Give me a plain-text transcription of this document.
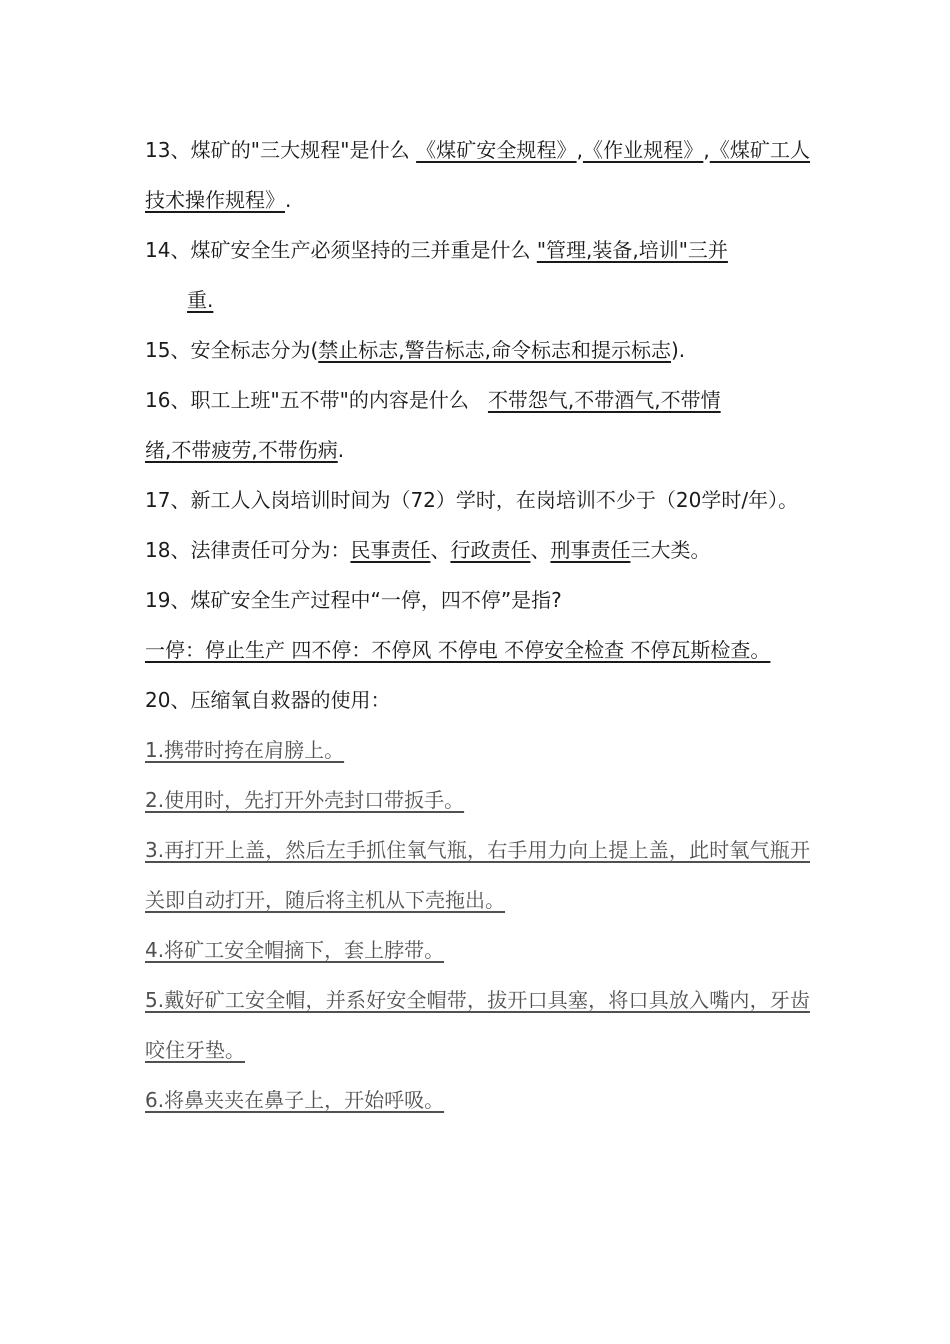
13、煤矿的"三大规程"是什么 《煤矿安全规程》,《作业规程》,《煤矿工人技术操作规程》.

14、煤矿安全生产必须坚持的三并重是什么 "管理,装备,培训"三并
重.

15、安全标志分为(禁止标志,警告标志,命令标志和提示标志).

16、职工上班"五不带"的内容是什么   不带怨气,不带酒气,不带情
绪,不带疲劳,不带伤病.

17、新工人入岗培训时间为（72）学时，在岗培训不少于（20学时/年）。

18、法律责任可分为：民事责任、行政责任、刑事责任三大类。

19、煤矿安全生产过程中“一停，四不停”是指?

一停：停止生产 四不停：不停风 不停电 不停安全检查 不停瓦斯检查。

20、压缩氧自救器的使用：

1.携带时挎在肩膀上。

2.使用时，先打开外壳封口带扳手。

3.再打开上盖，然后左手抓住氧气瓶，右手用力向上提上盖，此时氧气瓶开关即自动打开，随后将主机从下壳拖出。

4.将矿工安全帽摘下，套上脖带。

5.戴好矿工安全帽，并系好安全帽带，拔开口具塞，将口具放入嘴内，牙齿咬住牙垫。

6.将鼻夹夹在鼻子上，开始呼吸。
